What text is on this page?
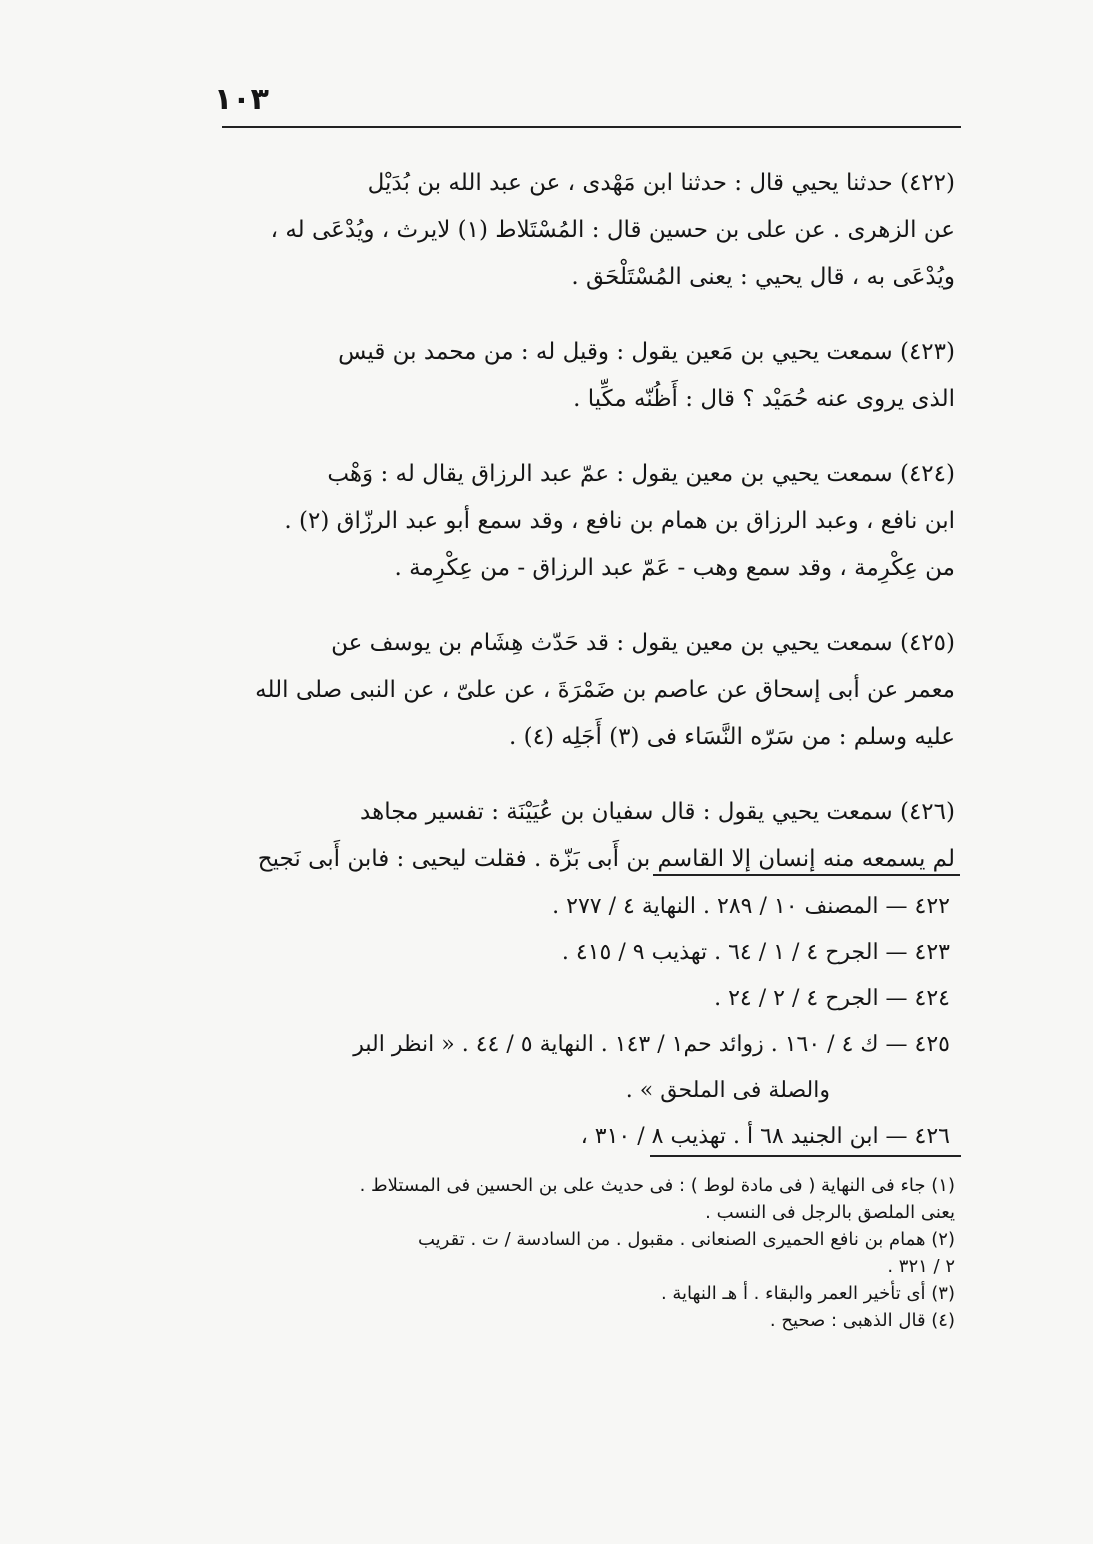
١٠٣

(٤٢٢) حدثنا يحيي قال : حدثنا ابن مَهْدى ، عن عبد الله بن بُدَيْل
عن الزهرى . عن على بن حسين قال : المُسْتَلاط (١) لايرث ، ويُدْعَى له ،
ويُدْعَى به ، قال يحيي : يعنى المُسْتَلْحَق .

(٤٢٣) سمعت يحيي بن مَعين يقول : وقيل له : من محمد بن قيس
الذى يروى عنه حُمَيْد ؟ قال : أَظُنّه مكِّيا .

(٤٢٤) سمعت يحيي بن معين يقول : عمّ عبد الرزاق يقال له : وَهْب
ابن نافع ، وعبد الرزاق بن همام بن نافع ، وقد سمع أبو عبد الرزّاق (٢) .
من عِكْرِمة ، وقد سمع وهب - عَمّ عبد الرزاق - من عِكْرِمة .

(٤٢٥) سمعت يحيي بن معين يقول : قد حَدّث هِشَام بن يوسف عن
معمر عن أبى إسحاق عن عاصم بن ضَمْرَةَ ، عن علىّ ، عن النبى صلى الله
عليه وسلم : من سَرّه النَّسَاء فى (٣) أَجَلِه (٤) .

(٤٢٦) سمعت يحيي يقول : قال سفيان بن عُيَيْنَة : تفسير مجاهد
لم يسمعه منه إنسان إلا القاسم بن أَبى بَزّة . فقلت ليحيى : فابن أَبى نَجيح

٤٢٢ — المصنف ١٠ / ٢٨٩ . النهاية ٤ / ٢٧٧ .
٤٢٣ — الجرح ٤ / ١ / ٦٤ . تهذيب ٩ / ٤١٥ .
٤٢٤ — الجرح ٤ / ٢ / ٢٤ .
٤٢٥ — ك ٤ / ١٦٠ . زوائد حم١ / ١٤٣ . النهاية ٥ / ٤٤ . « انظر البر
والصلة فى الملحق » .
٤٢٦ — ابن الجنيد ٦٨ أ . تهذيب ٨ / ٣١٠ ،
(١) جاء فى النهاية ( فى مادة لوط ) : فى حديث على بن الحسين فى المستلاط .
يعنى الملصق بالرجل فى النسب .
(٢) همام بن نافع الحميرى الصنعانى . مقبول . من السادسة / ت . تقريب
٢ / ٣٢١ .
(٣) أى تأخير العمر والبقاء . أ هـ النهاية .
(٤) قال الذهبى : صحيح .
